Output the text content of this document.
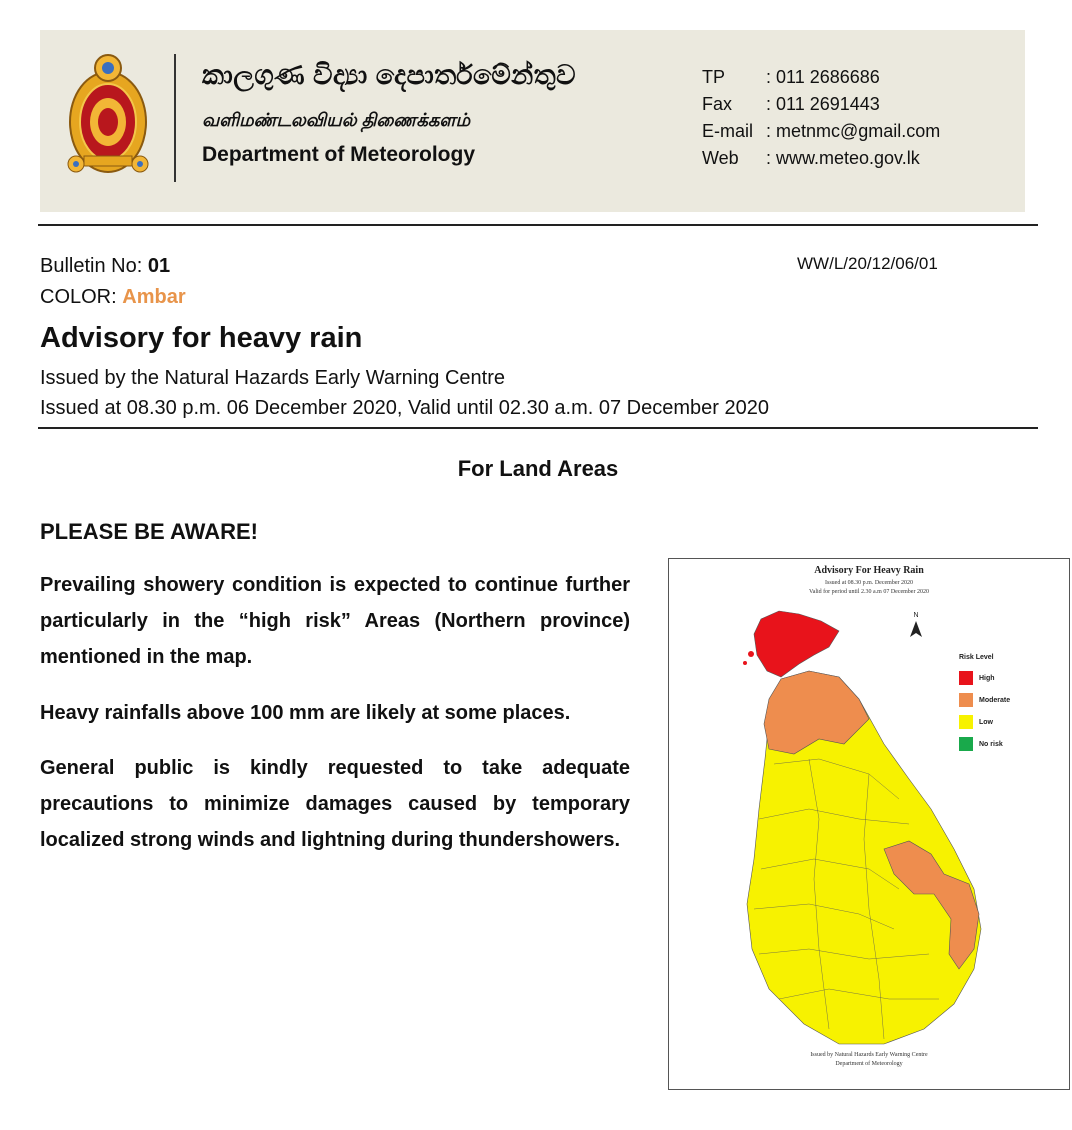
කාලගුණ විද්‍යා දෙපාර්තමේන්තුව
வளிமண்டலவியல் திணைக்களம்
Department of Meteorology
TP : 011 2686686
Fax : 011 2691443
E-mail : metnmc@gmail.com
Web : www.meteo.gov.lk
Bulletin No: 01
COLOR: Ambar
WW/L/20/12/06/01
Advisory for heavy rain
Issued by the Natural Hazards Early Warning Centre
Issued at 08.30 p.m. 06 December 2020, Valid until 02.30 a.m. 07 December 2020
For Land Areas
PLEASE BE AWARE!
Prevailing showery condition is expected to continue further particularly in the “high risk” Areas (Northern province) mentioned in the map.
Heavy rainfalls above 100 mm are likely at some places.
General public is kindly requested to take adequate precautions to minimize damages caused by temporary localized strong winds and lightning during thundershowers.
Advisory For Heavy Rain
Issued at 08.30 p.m. December 2020
Valid for period until 2.30 a.m 07 December 2020
N
Risk Level
High
Moderate
Low
No risk
Issued by Natural Hazards Early Warning Centre
Department of Meteorology
